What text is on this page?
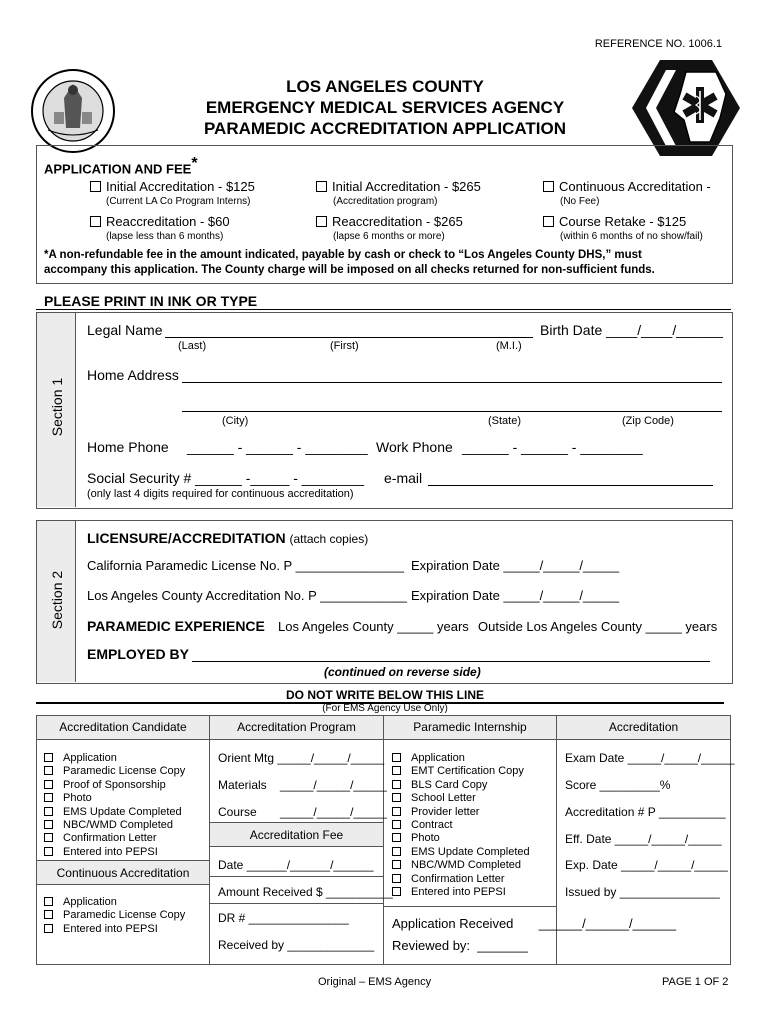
REFERENCE NO. 1006.1
LOS ANGELES COUNTY
EMERGENCY MEDICAL SERVICES AGENCY
PARAMEDIC ACCREDITATION APPLICATION
APPLICATION AND FEE*
Initial Accreditation - $125
(Current LA Co Program Interns)
Initial Accreditation - $265
(Accreditation program)
Continuous Accreditation -
(No Fee)
Reaccreditation - $60
(lapse less than 6 months)
Reaccreditation - $265
(lapse 6 months or more)
Course Retake - $125
(within 6 months of no show/fail)
*A non-refundable fee in the amount indicated, payable by cash or check to “Los Angeles County DHS,” must
accompany this application. The County charge will be imposed on all checks returned for non-sufficient funds.
PLEASE PRINT IN INK OR TYPE
Section 1
Legal Name	Birth Date ____/____/______
(Last)	(First)	(M.I.)
Home Address
(City)	(State)	(Zip Code)
Home Phone ______ - ______ - ________ Work Phone ______ - ______ - ________
Social Security # ______ -_____ - ________ e-mail
(only last 4 digits required for continuous accreditation)
Section 2
LICENSURE/ACCREDITATION (attach copies)
California Paramedic License No. P _______________ Expiration Date _____/_____/_____
Los Angeles County Accreditation No. P ____________ Expiration Date _____/_____/_____
PARAMEDIC EXPERIENCE Los Angeles County _____ years Outside Los Angeles County _____ years
EMPLOYED BY
(continued on reverse side)
DO NOT WRITE BELOW THIS LINE
(For EMS Agency Use Only)
Accreditation Candidate	Accreditation Program	Paramedic Internship	Accreditation
Application
Paramedic License Copy
Proof of Sponsorship
Photo
EMS Update Completed
NBC/WMD Completed
Confirmation Letter
Entered into PEPSI
Continuous Accreditation
Application
Paramedic License Copy
Entered into PEPSI
Orient Mtg _____/_____/_____
Materials    _____/_____/_____
Course       _____/_____/_____
Accreditation Fee
Date ______/______/______
Amount Received $ __________
DR # _______________
Received by _____________
Application
EMT Certification Copy
BLS Card Copy
School Letter
Provider letter
Contract
Photo
EMS Update Completed
NBC/WMD Completed
Confirmation Letter
Entered into PEPSI
Application Received       ______/______/______
Reviewed by:  _______
Exam Date _____/_____/_____
Score _________%
Accreditation # P __________
Eff. Date _____/_____/_____
Exp. Date _____/_____/_____
Issued by _______________
Original – EMS Agency	PAGE 1 OF 2
